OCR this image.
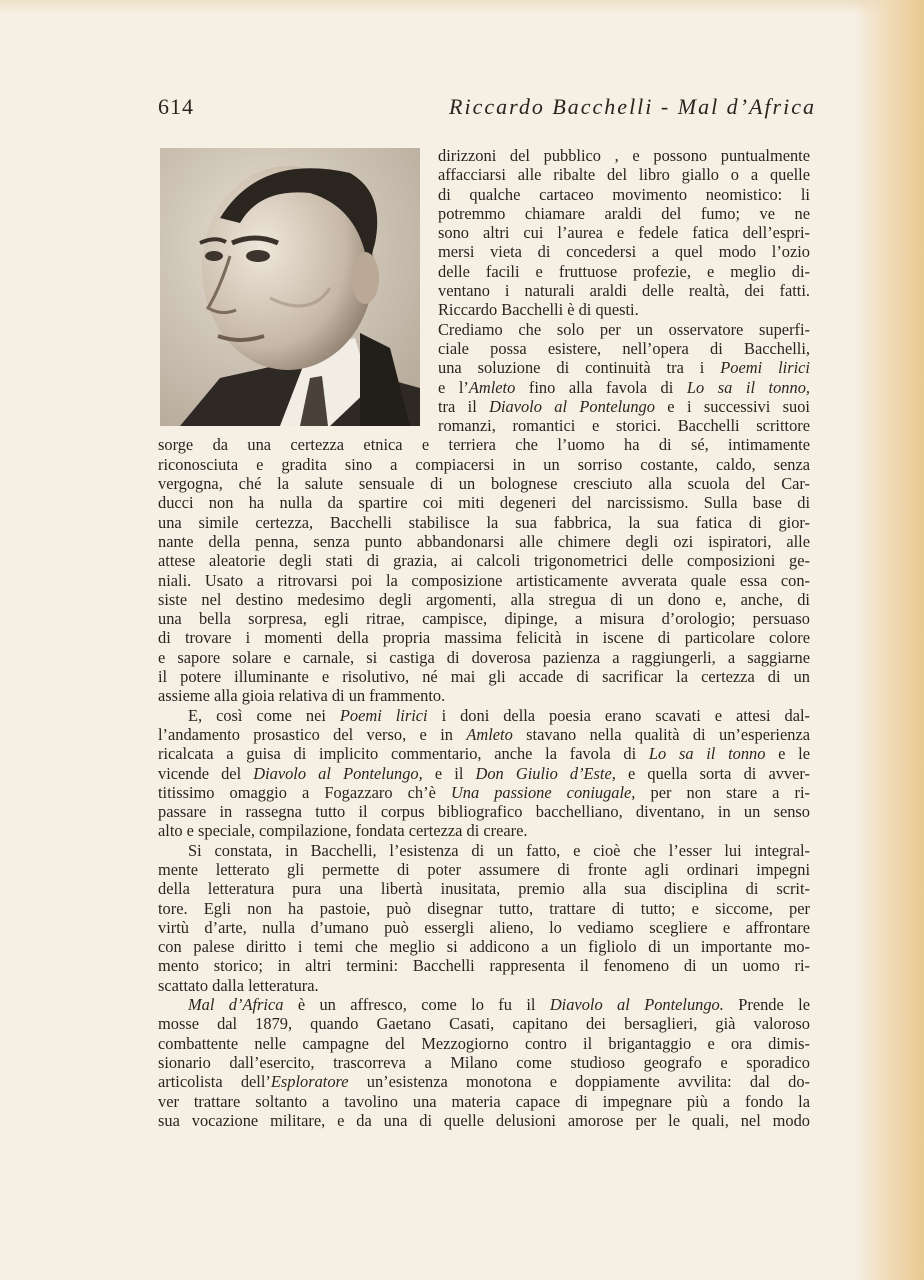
614	Riccardo Bacchelli - Mal d’Africa
dirizzoni del pubblico , e possono puntualmente
affacciarsi alle ribalte del libro giallo o a quelle
di qualche cartaceo movimento neomistico: li
potremmo chiamare araldi del fumo; ve ne
sono altri cui l’aurea e fedele fatica dell’espri-
mersi vieta di concedersi a quel modo l’ozio
delle facili e fruttuose profezie, e meglio di-
ventano i naturali araldi delle realtà, dei fatti.
Riccardo Bacchelli è di questi.
Crediamo che solo per un osservatore superfi-
ciale possa esistere, nell’opera di Bacchelli,
una soluzione di continuità tra i Poemi lirici
e l’Amleto fino alla favola di Lo sa il tonno,
tra il Diavolo al Pontelungo e i successivi suoi
romanzi, romantici e storici. Bacchelli scrittore
sorge da una certezza etnica e terriera che l’uomo ha di sé, intimamente
riconosciuta e gradita sino a compiacersi in un sorriso costante, caldo, senza
vergogna, ché la salute sensuale di un bolognese cresciuto alla scuola del Car-
ducci non ha nulla da spartire coi miti degeneri del narcissismo. Sulla base di
una simile certezza, Bacchelli stabilisce la sua fabbrica, la sua fatica di gior-
nante della penna, senza punto abbandonarsi alle chimere degli ozi ispiratori, alle
attese aleatorie degli stati di grazia, ai calcoli trigonometrici delle composizioni ge-
niali. Usato a ritrovarsi poi la composizione artisticamente avverata quale essa con-
siste nel destino medesimo degli argomenti, alla stregua di un dono e, anche, di
una bella sorpresa, egli ritrae, campisce, dipinge, a misura d’orologio; persuaso
di trovare i momenti della propria massima felicità in iscene di particolare colore
e sapore solare e carnale, si castiga di doverosa pazienza a raggiungerli, a saggiarne
il potere illuminante e risolutivo, né mai gli accade di sacrificar la certezza di un
assieme alla gioia relativa di un frammento.
E, così come nei Poemi lirici i doni della poesia erano scavati e attesi dal-
l’andamento prosastico del verso, e in Amleto stavano nella qualità di un’esperienza
ricalcata a guisa di implicito commentario, anche la favola di Lo sa il tonno e le
vicende del Diavolo al Pontelungo, e il Don Giulio d’Este, e quella sorta di avver-
titissimo omaggio a Fogazzaro ch’è Una passione coniugale, per non stare a ri-
passare in rassegna tutto il corpus bibliografico bacchelliano, diventano, in un senso
alto e speciale, compilazione, fondata certezza di creare.
Si constata, in Bacchelli, l’esistenza di un fatto, e cioè che l’esser lui integral-
mente letterato gli permette di poter assumere di fronte agli ordinari impegni
della letteratura pura una libertà inusitata, premio alla sua disciplina di scrit-
tore. Egli non ha pastoie, può disegnar tutto, trattare di tutto; e siccome, per
virtù d’arte, nulla d’umano può essergli alieno, lo vediamo scegliere e affrontare
con palese diritto i temi che meglio si addicono a un figliolo di un importante mo-
mento storico; in altri termini: Bacchelli rappresenta il fenomeno di un uomo ri-
scattato dalla letteratura.
Mal d’Africa è un affresco, come lo fu il Diavolo al Pontelungo. Prende le
mosse dal 1879, quando Gaetano Casati, capitano dei bersaglieri, già valoroso
combattente nelle campagne del Mezzogiorno contro il brigantaggio e ora dimis-
sionario dall’esercito, trascorreva a Milano come studioso geografo e sporadico
articolista dell’Esploratore un’esistenza monotona e doppiamente avvilita: dal do-
ver trattare soltanto a tavolino una materia capace di impegnare più a fondo la
sua vocazione militare, e da una di quelle delusioni amorose per le quali, nel modo
